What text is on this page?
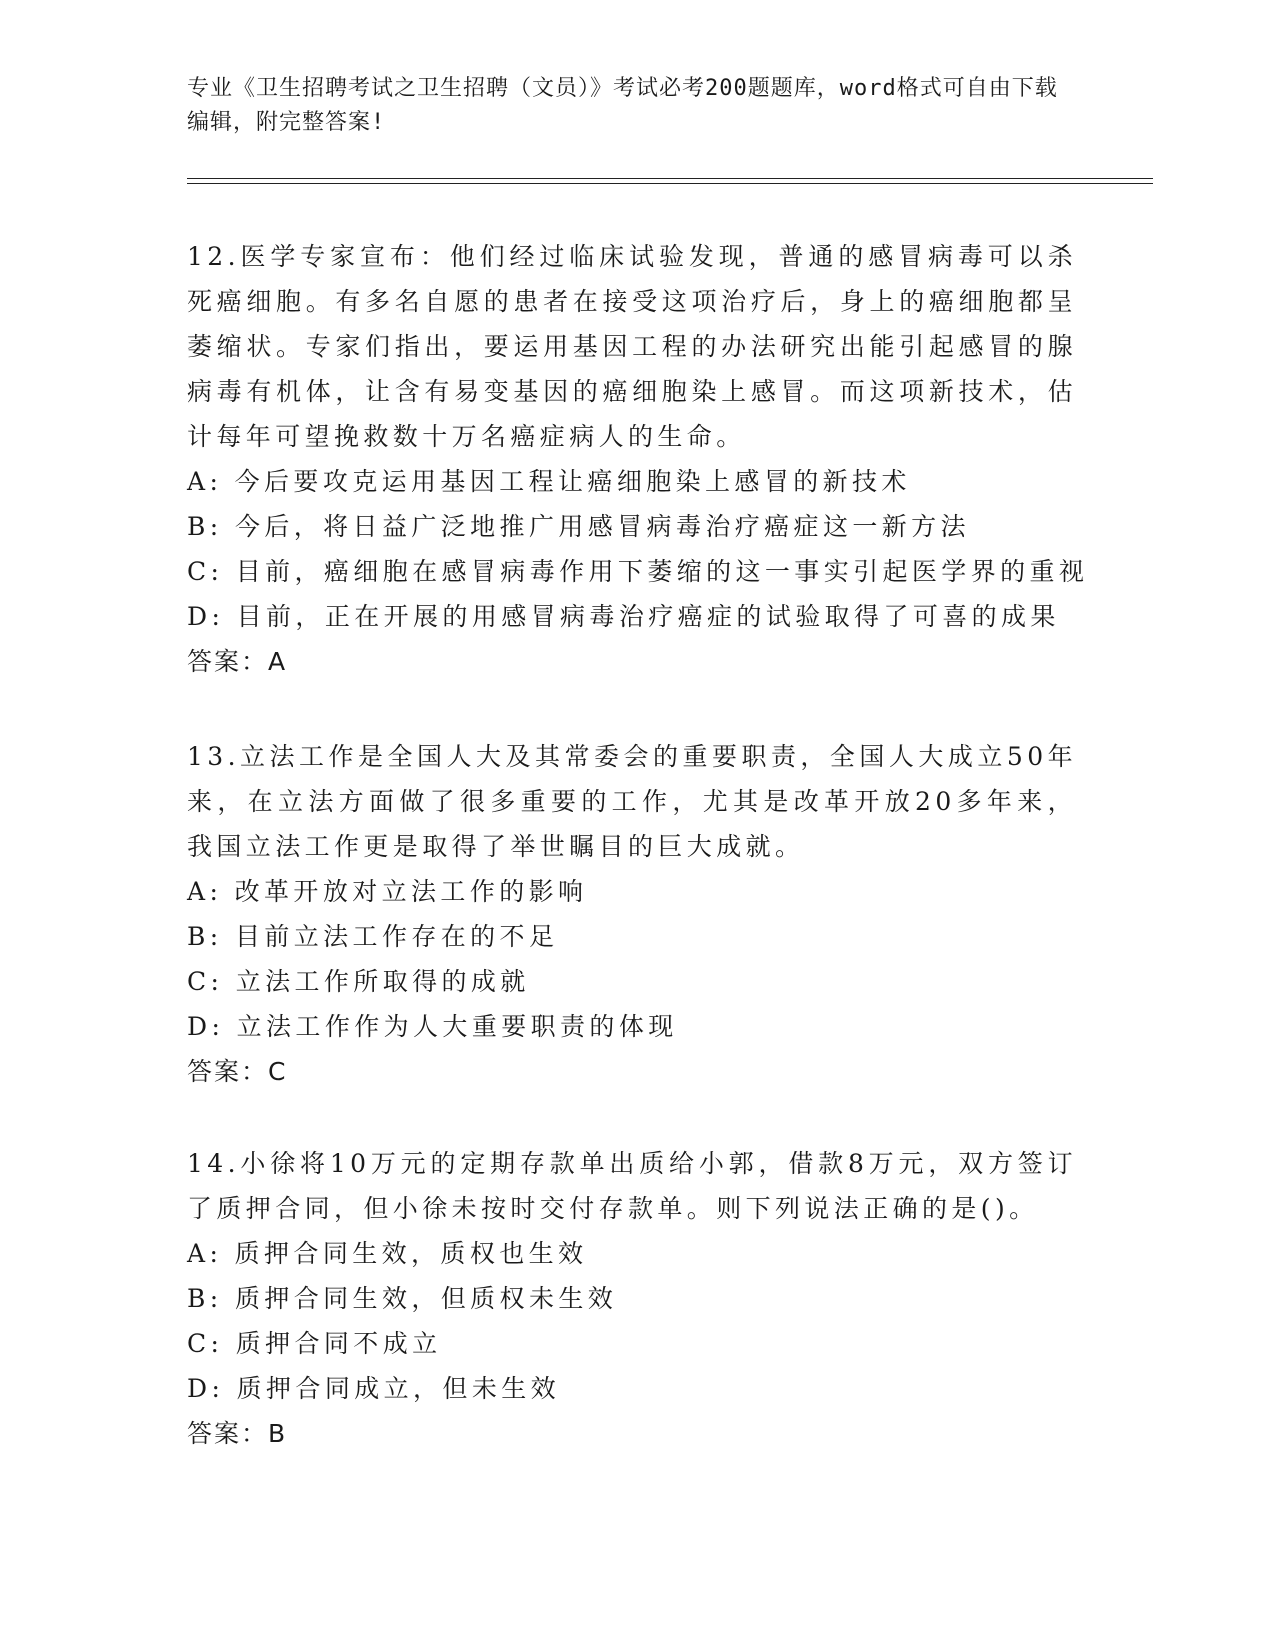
专业《卫生招聘考试之卫生招聘（文员）》考试必考200题题库，word格式可自由下载编辑，附完整答案!

12.医学专家宣布：他们经过临床试验发现，普通的感冒病毒可以杀死癌细胞。有多名自愿的患者在接受这项治疗后，身上的癌细胞都呈萎缩状。专家们指出，要运用基因工程的办法研究出能引起感冒的腺病毒有机体，让含有易变基因的癌细胞染上感冒。而这项新技术，估计每年可望挽救数十万名癌症病人的生命。

A: 今后要攻克运用基因工程让癌细胞染上感冒的新技术

B: 今后，将日益广泛地推广用感冒病毒治疗癌症这一新方法

C: 目前，癌细胞在感冒病毒作用下萎缩的这一事实引起医学界的重视

D: 目前，正在开展的用感冒病毒治疗癌症的试验取得了可喜的成果

答案：A

13.立法工作是全国人大及其常委会的重要职责，全国人大成立50年来，在立法方面做了很多重要的工作，尤其是改革开放20多年来，我国立法工作更是取得了举世瞩目的巨大成就。

A: 改革开放对立法工作的影响

B: 目前立法工作存在的不足

C: 立法工作所取得的成就

D: 立法工作作为人大重要职责的体现

答案：C

14.小徐将10万元的定期存款单出质给小郭，借款8万元，双方签订了质押合同，但小徐未按时交付存款单。则下列说法正确的是()。

A: 质押合同生效，质权也生效

B: 质押合同生效，但质权未生效

C: 质押合同不成立

D: 质押合同成立，但未生效

答案：B
